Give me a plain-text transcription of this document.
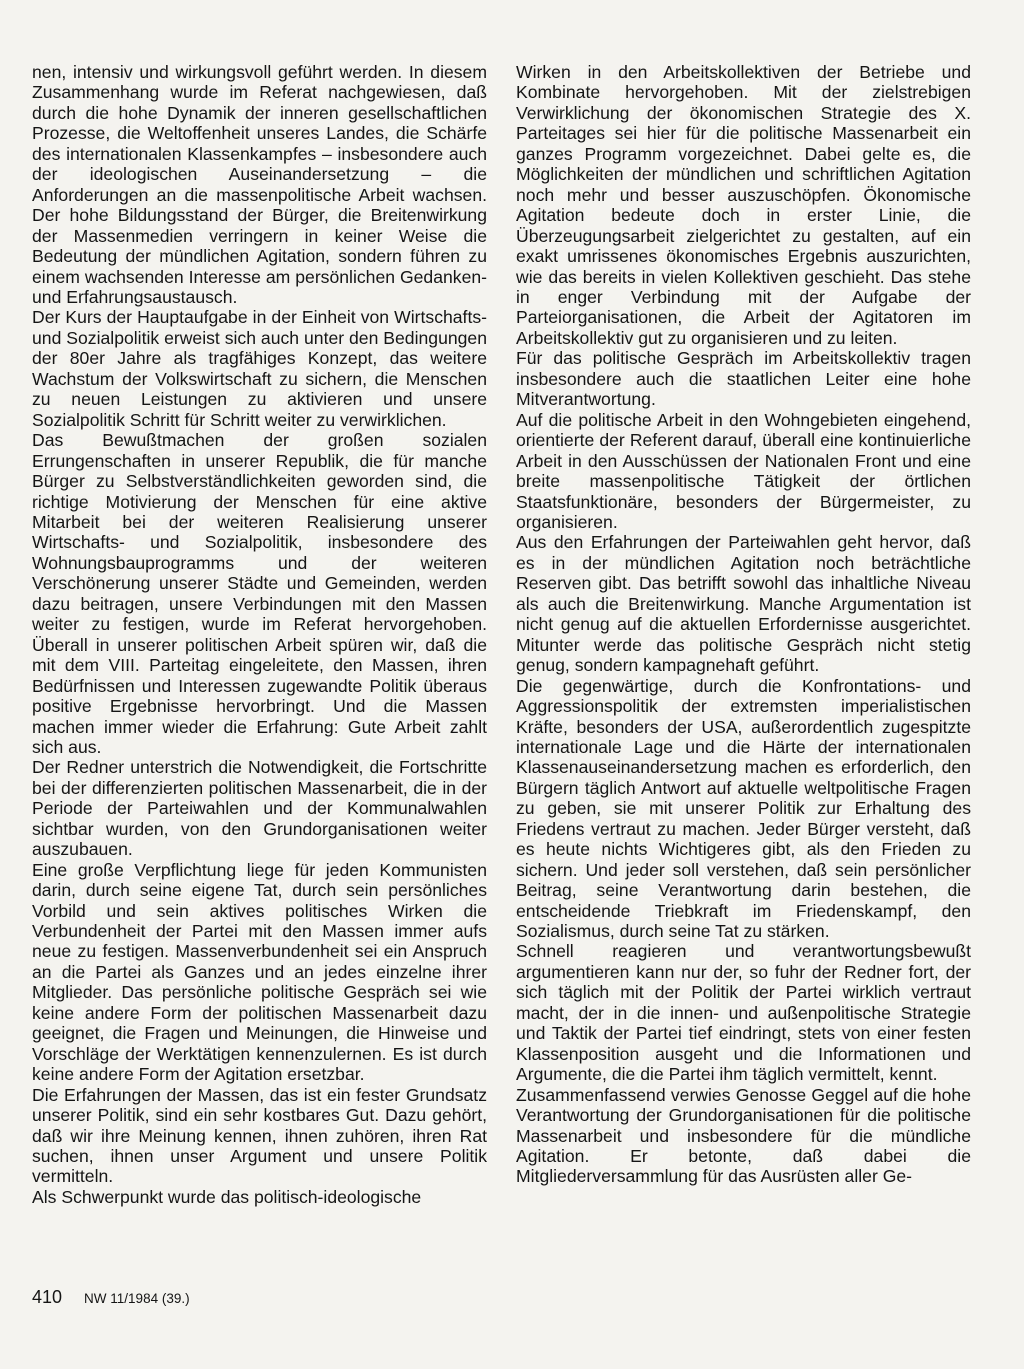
nen, intensiv und wirkungsvoll geführt werden. In diesem Zusammenhang wurde im Referat nachgewiesen, daß durch die hohe Dynamik der inneren gesellschaftlichen Prozesse, die Weltoffenheit unseres Landes, die Schärfe des internationalen Klassenkampfes – insbesondere auch der ideologischen Auseinandersetzung – die Anforderungen an die massenpolitische Arbeit wachsen. Der hohe Bildungsstand der Bürger, die Breitenwirkung der Massenmedien verringern in keiner Weise die Bedeutung der mündlichen Agitation, sondern führen zu einem wachsenden Interesse am persönlichen Gedanken- und Erfahrungsaustausch.

Der Kurs der Hauptaufgabe in der Einheit von Wirtschafts- und Sozialpolitik erweist sich auch unter den Bedingungen der 80er Jahre als tragfähiges Konzept, das weitere Wachstum der Volkswirtschaft zu sichern, die Menschen zu neuen Leistungen zu aktivieren und unsere Sozialpolitik Schritt für Schritt weiter zu verwirklichen.

Das Bewußtmachen der großen sozialen Errungenschaften in unserer Republik, die für manche Bürger zu Selbstverständlichkeiten geworden sind, die richtige Motivierung der Menschen für eine aktive Mitarbeit bei der weiteren Realisierung unserer Wirtschafts- und Sozialpolitik, insbesondere des Wohnungsbauprogramms und der weiteren Verschönerung unserer Städte und Gemeinden, werden dazu beitragen, unsere Verbindungen mit den Massen weiter zu festigen, wurde im Referat hervorgehoben. Überall in unserer politischen Arbeit spüren wir, daß die mit dem VIII. Parteitag eingeleitete, den Massen, ihren Bedürfnissen und Interessen zugewandte Politik überaus positive Ergebnisse hervorbringt. Und die Massen machen immer wieder die Erfahrung: Gute Arbeit zahlt sich aus.

Der Redner unterstrich die Notwendigkeit, die Fortschritte bei der differenzierten politischen Massenarbeit, die in der Periode der Parteiwahlen und der Kommunalwahlen sichtbar wurden, von den Grundorganisationen weiter auszubauen.

Eine große Verpflichtung liege für jeden Kommunisten darin, durch seine eigene Tat, durch sein persönliches Vorbild und sein aktives politisches Wirken die Verbundenheit der Partei mit den Massen immer aufs neue zu festigen. Massenverbundenheit sei ein Anspruch an die Partei als Ganzes und an jedes einzelne ihrer Mitglieder. Das persönliche politische Gespräch sei wie keine andere Form der politischen Massenarbeit dazu geeignet, die Fragen und Meinungen, die Hinweise und Vorschläge der Werktätigen kennenzulernen. Es ist durch keine andere Form der Agitation ersetzbar.

Die Erfahrungen der Massen, das ist ein fester Grundsatz unserer Politik, sind ein sehr kostbares Gut. Dazu gehört, daß wir ihre Meinung kennen, ihnen zuhören, ihren Rat suchen, ihnen unser Argument und unsere Politik vermitteln.

Als Schwerpunkt wurde das politisch-ideologische

Wirken in den Arbeitskollektiven der Betriebe und Kombinate hervorgehoben. Mit der zielstrebigen Verwirklichung der ökonomischen Strategie des X. Parteitages sei hier für die politische Massenarbeit ein ganzes Programm vorgezeichnet. Dabei gelte es, die Möglichkeiten der mündlichen und schriftlichen Agitation noch mehr und besser auszuschöpfen. Ökonomische Agitation bedeute doch in erster Linie, die Überzeugungsarbeit zielgerichtet zu gestalten, auf ein exakt umrissenes ökonomisches Ergebnis auszurichten, wie das bereits in vielen Kollektiven geschieht. Das stehe in enger Verbindung mit der Aufgabe der Parteiorganisationen, die Arbeit der Agitatoren im Arbeitskollektiv gut zu organisieren und zu leiten.

Für das politische Gespräch im Arbeitskollektiv tragen insbesondere auch die staatlichen Leiter eine hohe Mitverantwortung.

Auf die politische Arbeit in den Wohngebieten eingehend, orientierte der Referent darauf, überall eine kontinuierliche Arbeit in den Ausschüssen der Nationalen Front und eine breite massenpolitische Tätigkeit der örtlichen Staatsfunktionäre, besonders der Bürgermeister, zu organisieren.

Aus den Erfahrungen der Parteiwahlen geht hervor, daß es in der mündlichen Agitation noch beträchtliche Reserven gibt. Das betrifft sowohl das inhaltliche Niveau als auch die Breitenwirkung. Manche Argumentation ist nicht genug auf die aktuellen Erfordernisse ausgerichtet. Mitunter werde das politische Gespräch nicht stetig genug, sondern kampagnehaft geführt.

Die gegenwärtige, durch die Konfrontations- und Aggressionspolitik der extremsten imperialistischen Kräfte, besonders der USA, außerordentlich zugespitzte internationale Lage und die Härte der internationalen Klassenauseinandersetzung machen es erforderlich, den Bürgern täglich Antwort auf aktuelle weltpolitische Fragen zu geben, sie mit unserer Politik zur Erhaltung des Friedens vertraut zu machen. Jeder Bürger versteht, daß es heute nichts Wichtigeres gibt, als den Frieden zu sichern. Und jeder soll verstehen, daß sein persönlicher Beitrag, seine Verantwortung darin bestehen, die entscheidende Triebkraft im Friedenskampf, den Sozialismus, durch seine Tat zu stärken.

Schnell reagieren und verantwortungsbewußt argumentieren kann nur der, so fuhr der Redner fort, der sich täglich mit der Politik der Partei wirklich vertraut macht, der in die innen- und außenpolitische Strategie und Taktik der Partei tief eindringt, stets von einer festen Klassenposition ausgeht und die Informationen und Argumente, die die Partei ihm täglich vermittelt, kennt.

Zusammenfassend verwies Genosse Geggel auf die hohe Verantwortung der Grundorganisationen für die politische Massenarbeit und insbesondere für die mündliche Agitation. Er betonte, daß dabei die Mitgliederversammlung für das Ausrüsten aller Ge-

410 NW 11/1984 (39.)
